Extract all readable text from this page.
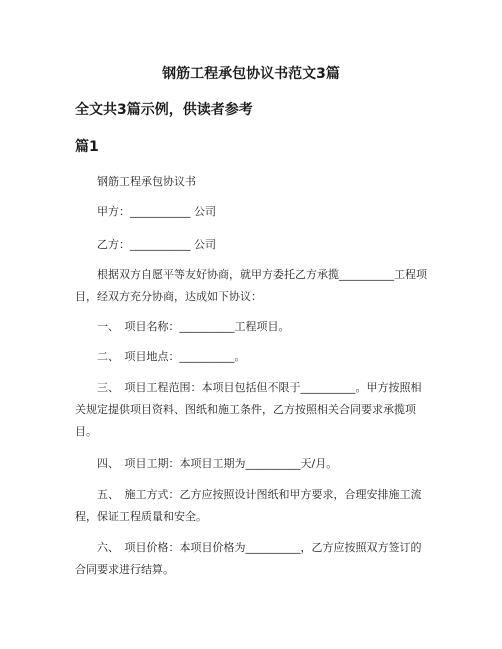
钢筋工程承包协议书范文3篇
全文共3篇示例，供读者参考
篇1
钢筋工程承包协议书
甲方：___________ 公司
乙方：___________ 公司
根据双方自愿平等友好协商，就甲方委托乙方承揽__________工程项目，经双方充分协商，达成如下协议：
一、　项目名称：__________工程项目。
二、　项目地点：__________。
三、　项目工程范围：本项目包括但不限于__________。甲方按照相关规定提供项目资料、图纸和施工条件，乙方按照相关合同要求承揽项目。
四、　项目工期：本项目工期为__________天/月。
五、　施工方式：乙方应按照设计图纸和甲方要求，合理安排施工流程，保证工程质量和安全。
六、　项目价格：本项目价格为__________，乙方应按照双方签订的合同要求进行结算。
